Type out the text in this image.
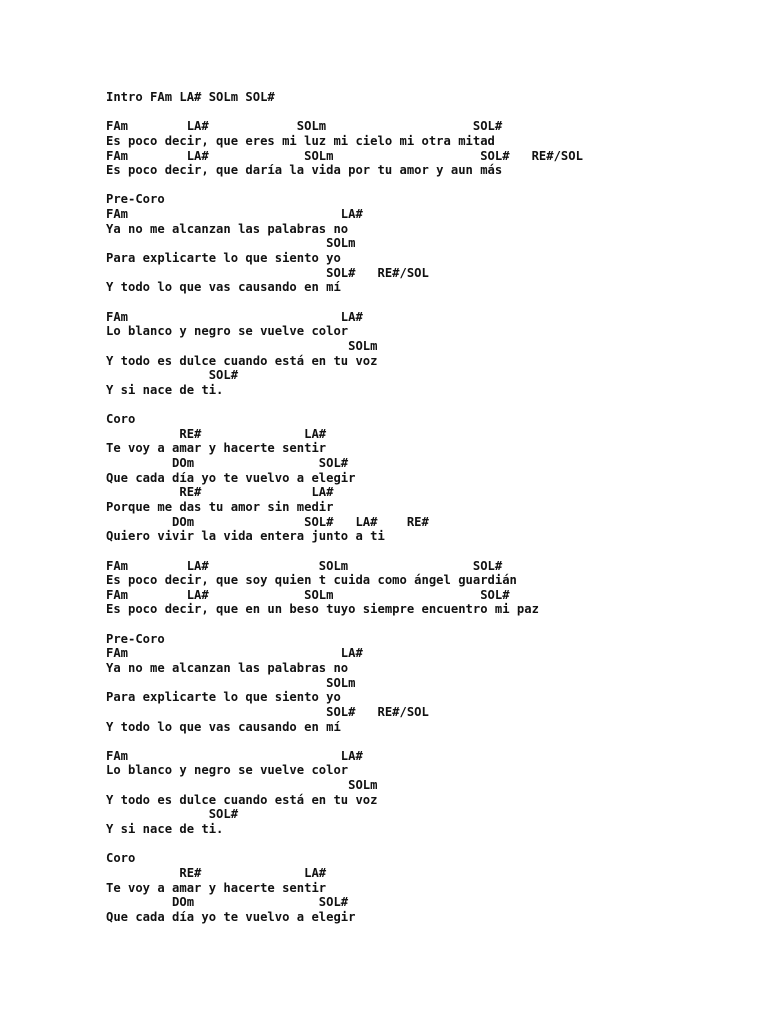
Intro FAm LA# SOLm SOL#

FAm        LA#            SOLm                    SOL#
Es poco decir, que eres mi luz mi cielo mi otra mitad
FAm        LA#             SOLm                    SOL#   RE#/SOL
Es poco decir, que daría la vida por tu amor y aun más

Pre-Coro
FAm                             LA#
Ya no me alcanzan las palabras no
SOLm
Para explicarte lo que siento yo
SOL#   RE#/SOL
Y todo lo que vas causando en mí

FAm                             LA#
Lo blanco y negro se vuelve color
SOLm
Y todo es dulce cuando está en tu voz
SOL#
Y si nace de ti.

Coro
RE#              LA#
Te voy a amar y hacerte sentir
DOm                 SOL#
Que cada día yo te vuelvo a elegir
RE#               LA#
Porque me das tu amor sin medir
DOm               SOL#   LA#    RE#
Quiero vivir la vida entera junto a ti

FAm        LA#               SOLm                 SOL#
Es poco decir, que soy quien t cuida como ángel guardián
FAm        LA#             SOLm                    SOL#
Es poco decir, que en un beso tuyo siempre encuentro mi paz

Pre-Coro
FAm                             LA#
Ya no me alcanzan las palabras no
SOLm
Para explicarte lo que siento yo
SOL#   RE#/SOL
Y todo lo que vas causando en mí

FAm                             LA#
Lo blanco y negro se vuelve color
SOLm
Y todo es dulce cuando está en tu voz
SOL#
Y si nace de ti.

Coro
RE#              LA#
Te voy a amar y hacerte sentir
DOm                 SOL#
Que cada día yo te vuelvo a elegir
